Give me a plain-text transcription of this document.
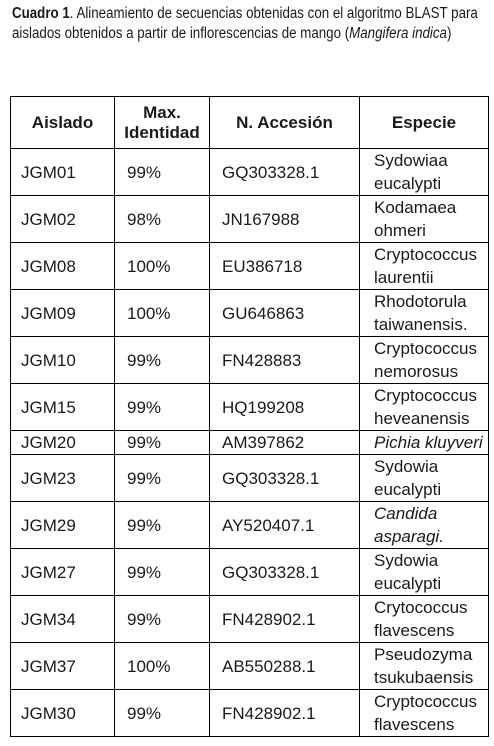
Cuadro 1. Alineamiento de secuencias obtenidas con el algoritmo BLAST para aislados obtenidos a partir de inflorescencias de mango (Mangifera indica)
Aislado	Max. Identidad	N. Accesión	Especie
JGM01	99%	GQ303328.1	Sydowiaa eucalypti
JGM02	98%	JN167988	Kodamaea ohmeri
JGM08	100%	EU386718	Cryptococcus laurentii
JGM09	100%	GU646863	Rhodotorula taiwanensis.
JGM10	99%	FN428883	Cryptococcus nemorosus
JGM15	99%	HQ199208	Cryptococcus heveanensis
JGM20	99%	AM397862	Pichia kluyveri
JGM23	99%	GQ303328.1	Sydowia eucalypti
JGM29	99%	AY520407.1	Candida asparagi.
JGM27	99%	GQ303328.1	Sydowia eucalypti
JGM34	99%	FN428902.1	Crytococcus flavescens
JGM37	100%	AB550288.1	Pseudozyma tsukubaensis
JGM30	99%	FN428902.1	Cryptococcus flavescens
